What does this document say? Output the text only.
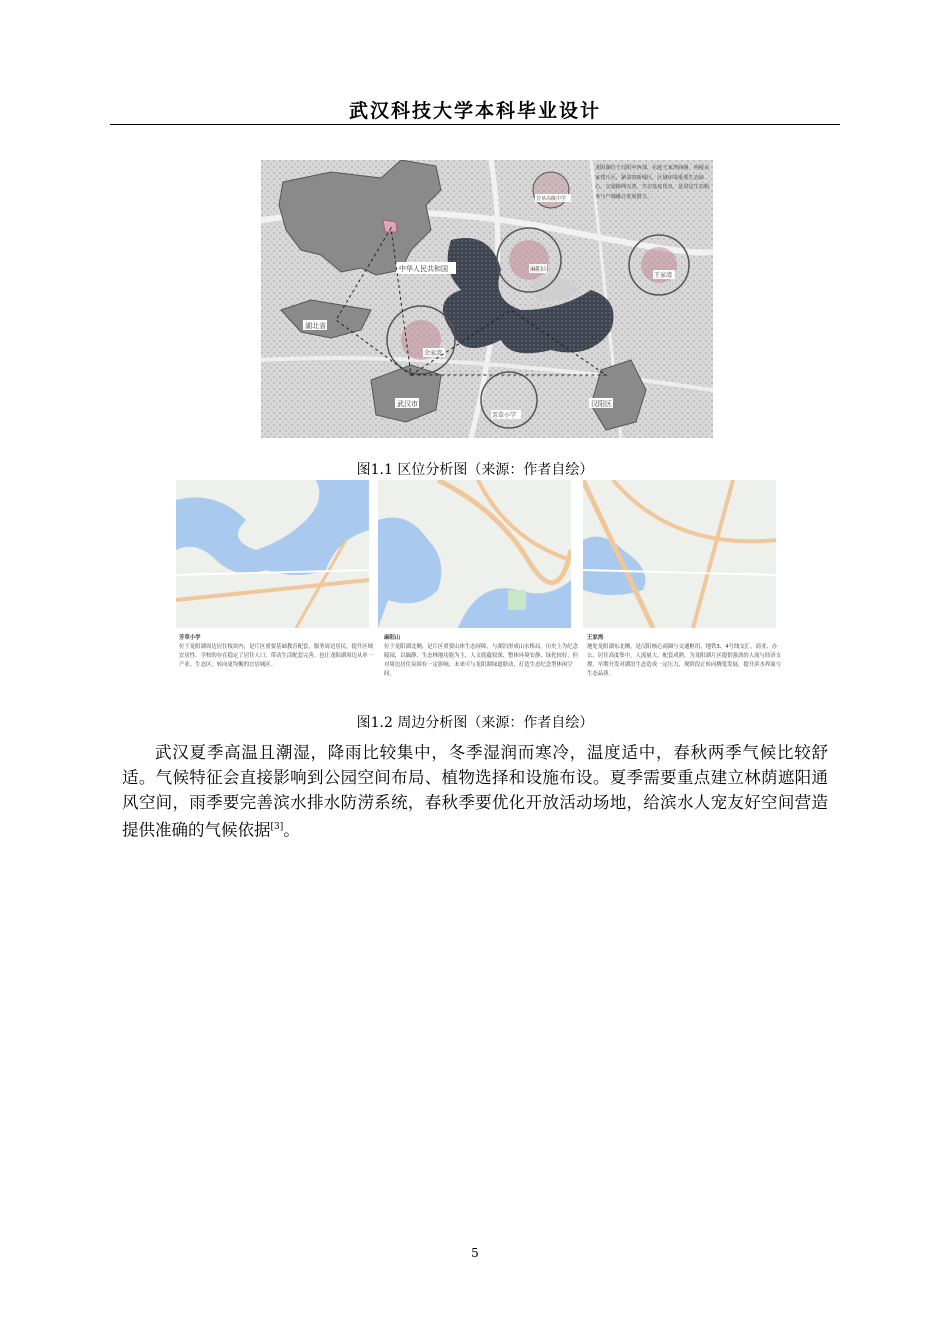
武汉科技大学本科毕业设计
中华人民共和国
湖北省
武汉市	汉阳区
余家湾
麻阳山
王家湾
芳草小学
芳草高级中学
龙阳湖位于汉阳中西部，东连王家湾商圈，西接余家湾片区，紧邻四新城区。区域环境重要生态绿心，交通路网完善，生态基底优良，是周边生态服务与产城融合发展潜力。
图1.1 区位分析图（来源：作者自绘）
芳草小学
位于龙阳湖周边居住板块内，是片区重要基础教育配套，服务周边居民，提升区域宜居性。学校的存在稳定了居住人口，带动生活配套完善。也让龙阳湖周边从单一产业、生态区，转向更均衡的宜居城区。
麻阳山
位于龙阳湖北侧，是片区重要山体生态屏障，与湖泊形成山水格局。历史上为纪念陵园，以缅静、生态林地功能为主，人文底蕴较深，整体环境安静、绿化较好，但对周边居住氛围有一定影响，未来可与龙阳湖绿道联动，打造生态纪念型休闲空间。
王家湾
地处龙阳湖东北侧，是汉阳核心商圈与交通枢纽，地铁3、4号线交汇，商业、办公、居住高度集中，人流量大，配套成熟，为龙阳湖片区提供强劲的人流与经济支撑，早期开发对湖泊生态造成一定压力，现阶段正转向腾笼发展，提升滨水界面与生态品质。
图1.2 周边分析图（来源：作者自绘）

武汉夏季高温且潮湿，降雨比较集中，冬季湿润而寒冷，温度适中，春秋两季气候比较舒适。气候特征会直接影响到公园空间布局、植物选择和设施布设。夏季需要重点建立林荫遮阳通风空间，雨季要完善滨水排水防涝系统，春秋季要优化开放活动场地，给滨水人宠友好空间营造提供准确的气候依据[3]。

5
